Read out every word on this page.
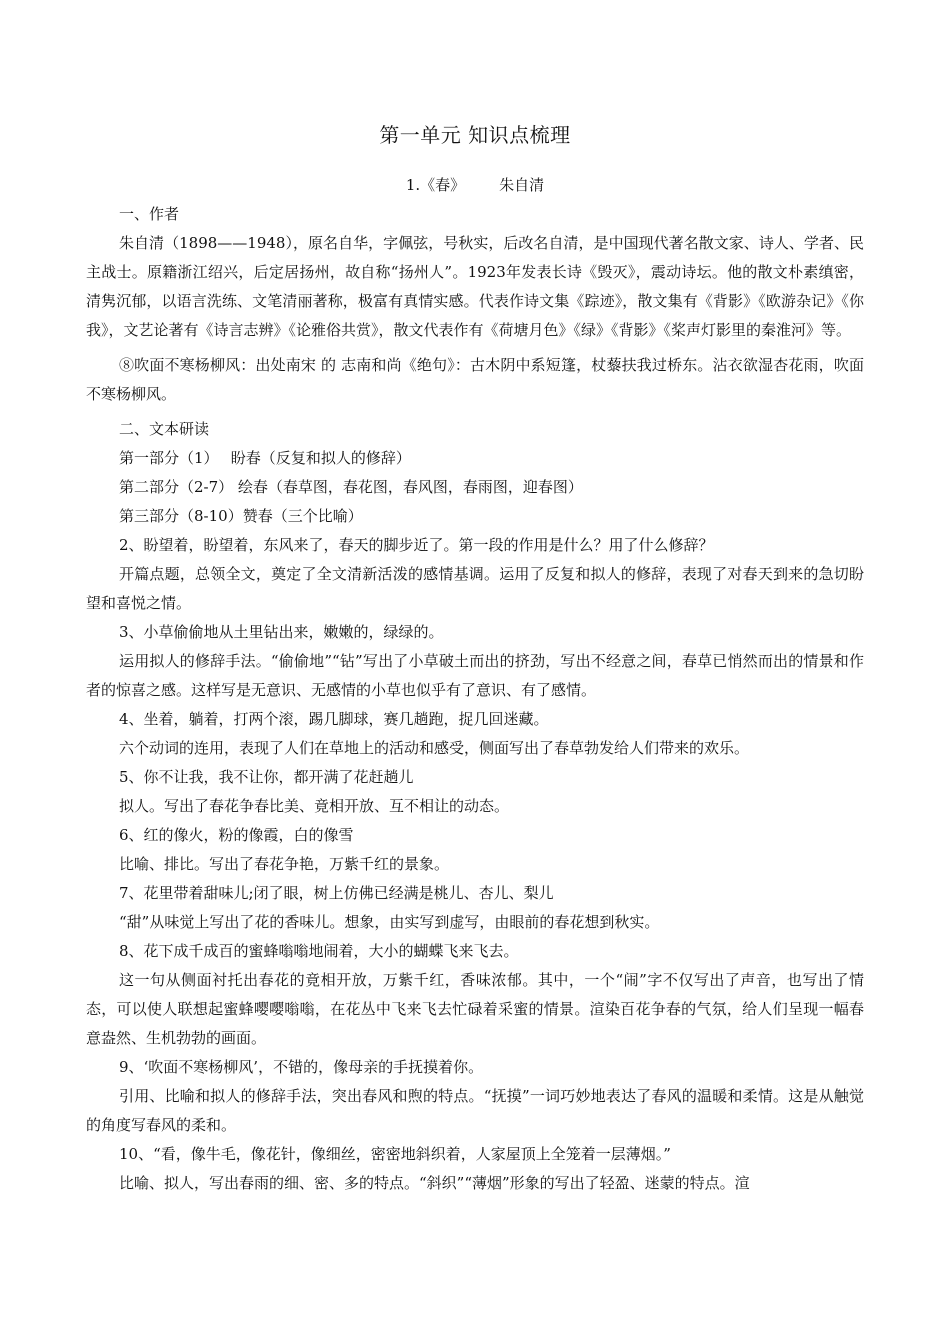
第一单元 知识点梳理
1.《春》 朱自清

一、作者

朱自清（1898——1948），原名自华，字佩弦，号秋实，后改名自清，是中国现代著名散文家、诗人、学者、民主战士。原籍浙江绍兴，后定居扬州，故自称“扬州人”。1923年发表长诗《毁灭》，震动诗坛。他的散文朴素缜密，清隽沉郁，以语言洗练、文笔清丽著称，极富有真情实感。代表作诗文集《踪迹》，散文集有《背影》《欧游杂记》《你我》，文艺论著有《诗言志辨》《论雅俗共赏》，散文代表作有《荷塘月色》《绿》《背影》《桨声灯影里的秦淮河》等。

⑧吹面不寒杨柳风：出处南宋 的 志南和尚《绝句》：古木阴中系短篷，杖藜扶我过桥东。沾衣欲湿杏花雨，吹面不寒杨柳风。

二、文本研读

第一部分（1）　 盼春（反复和拟人的修辞）

第二部分（2-7） 绘春（春草图，春花图，春风图，春雨图，迎春图）

第三部分（8-10）赞春（三个比喻）

2、盼望着，盼望着，东风来了，春天的脚步近了。第一段的作用是什么？用了什么修辞？

开篇点题，总领全文，奠定了全文清新活泼的感情基调。运用了反复和拟人的修辞，表现了对春天到来的急切盼望和喜悦之情。

3、小草偷偷地从土里钻出来，嫩嫩的，绿绿的。

运用拟人的修辞手法。“偷偷地”“钻”写出了小草破土而出的挤劲，写出不经意之间，春草已悄然而出的情景和作者的惊喜之感。这样写是无意识、无感情的小草也似乎有了意识、有了感情。

4、坐着，躺着，打两个滚，踢几脚球，赛几趟跑，捉几回迷藏。

六个动词的连用，表现了人们在草地上的活动和感受，侧面写出了春草勃发给人们带来的欢乐。

5、你不让我，我不让你，都开满了花赶趟儿

拟人。写出了春花争春比美、竟相开放、互不相让的动态。

6、红的像火，粉的像霞，白的像雪

比喻、排比。写出了春花争艳，万紫千红的景象。

7、花里带着甜味儿;闭了眼，树上仿佛已经满是桃儿、杏儿、梨儿

“甜”从味觉上写出了花的香味儿。想象，由实写到虚写，由眼前的春花想到秋实。

8、花下成千成百的蜜蜂嗡嗡地闹着，大小的蝴蝶飞来飞去。

这一句从侧面衬托出春花的竟相开放，万紫千红，香味浓郁。其中，一个“闹”字不仅写出了声音，也写出了情态，可以使人联想起蜜蜂嘤嘤嗡嗡，在花丛中飞来飞去忙碌着采蜜的情景。渲染百花争春的气氛，给人们呈现一幅春意盎然、生机勃勃的画面。

9、‘吹面不寒杨柳风’，不错的，像母亲的手抚摸着你。

引用、比喻和拟人的修辞手法，突出春风和煦的特点。“抚摸”一词巧妙地表达了春风的温暖和柔情。这是从触觉的角度写春风的柔和。

10、“看，像牛毛，像花针，像细丝，密密地斜织着，人家屋顶上全笼着一层薄烟。”

比喻、拟人，写出春雨的细、密、多的特点。“斜织”“薄烟”形象的写出了轻盈、迷蒙的特点。渲
